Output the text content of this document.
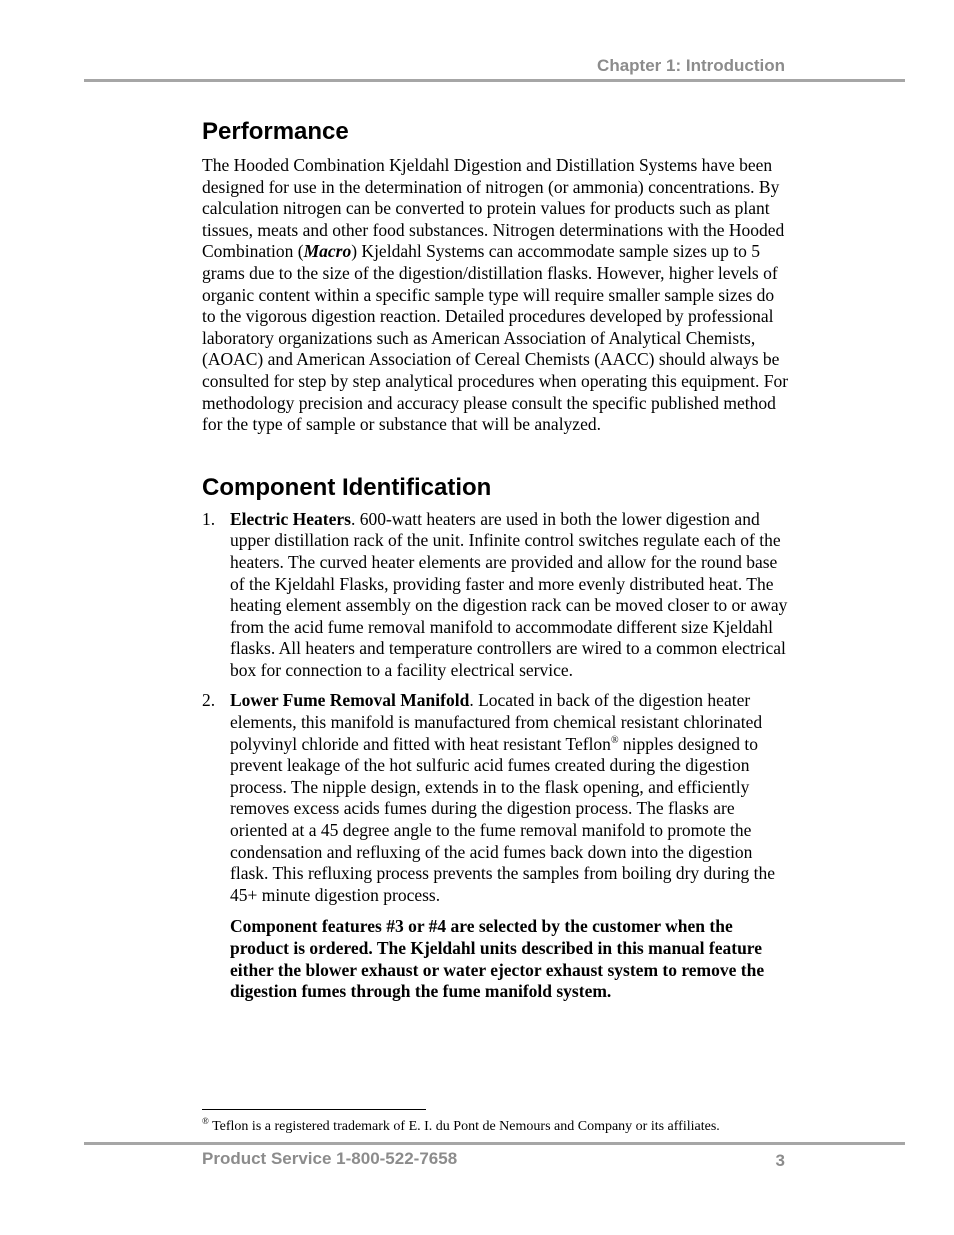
Chapter 1: Introduction
Performance

The Hooded Combination Kjeldahl Digestion and Distillation Systems have been designed for use in the determination of nitrogen (or ammonia) concentrations. By calculation nitrogen can be converted to protein values for products such as plant tissues, meats and other food substances. Nitrogen determinations with the Hooded Combination (Macro) Kjeldahl Systems can accommodate sample sizes up to 5 grams due to the size of the digestion/distillation flasks. However, higher levels of organic content within a specific sample type will require smaller sample sizes do to the vigorous digestion reaction. Detailed procedures developed by professional laboratory organizations such as American Association of Analytical Chemists, (AOAC) and American Association of Cereal Chemists (AACC) should always be consulted for step by step analytical procedures when operating this equipment. For methodology precision and accuracy please consult the specific published method for the type of sample or substance that will be analyzed.

Component Identification
1. Electric Heaters. 600-watt heaters are used in both the lower digestion and upper distillation rack of the unit. Infinite control switches regulate each of the heaters. The curved heater elements are provided and allow for the round base of the Kjeldahl Flasks, providing faster and more evenly distributed heat. The heating element assembly on the digestion rack can be moved closer to or away from the acid fume removal manifold to accommodate different size Kjeldahl flasks. All heaters and temperature controllers are wired to a common electrical box for connection to a facility electrical service.
2. Lower Fume Removal Manifold. Located in back of the digestion heater elements, this manifold is manufactured from chemical resistant chlorinated polyvinyl chloride and fitted with heat resistant Teflon® nipples designed to prevent leakage of the hot sulfuric acid fumes created during the digestion process. The nipple design, extends in to the flask opening, and efficiently removes excess acids fumes during the digestion process. The flasks are oriented at a 45 degree angle to the fume removal manifold to promote the condensation and refluxing of the acid fumes back down into the digestion flask. This refluxing process prevents the samples from boiling dry during the 45+ minute digestion process.
Component features #3 or #4 are selected by the customer when the product is ordered. The Kjeldahl units described in this manual feature either the blower exhaust or water ejector exhaust system to remove the digestion fumes through the fume manifold system.
® Teflon is a registered trademark of E. I. du Pont de Nemours and Company or its affiliates.
Product Service 1-800-522-7658	3
